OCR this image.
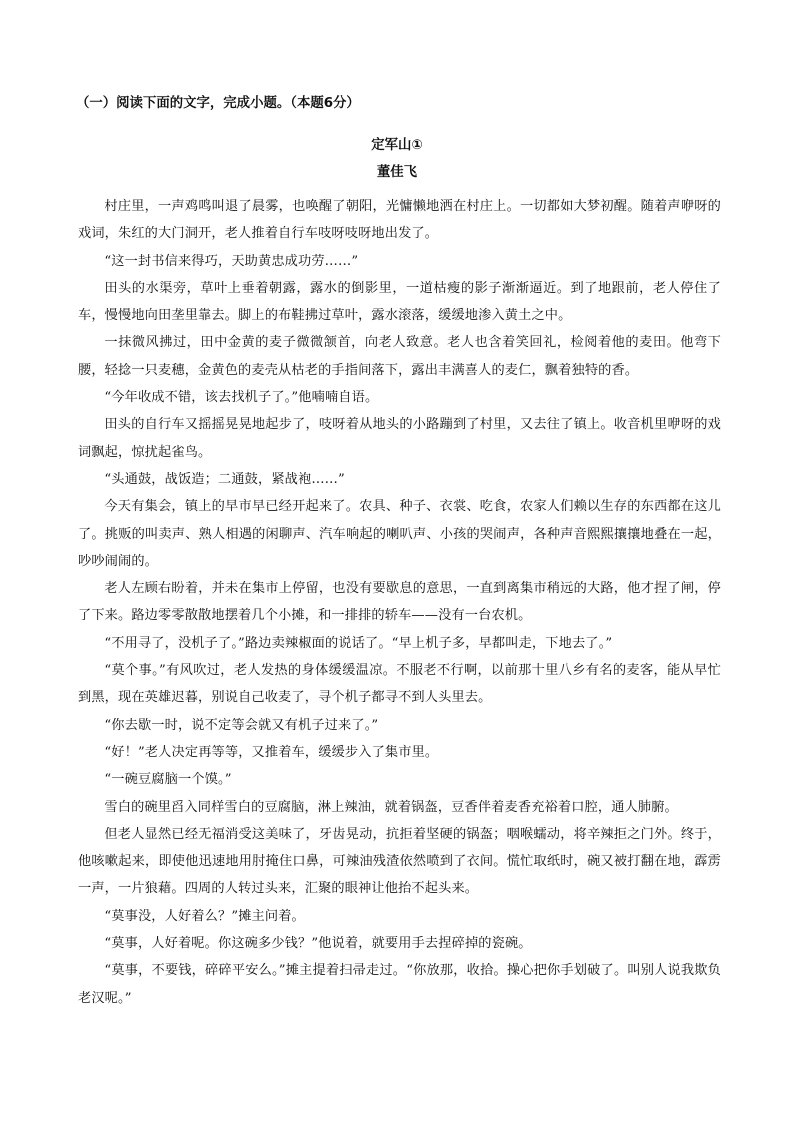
（一）阅读下面的文字，完成小题。（本题6分）
定军山①
董佳飞

村庄里，一声鸡鸣叫退了晨雾，也唤醒了朝阳，光慵懒地洒在村庄上。一切都如大梦初醒。随着声咿呀的戏词，朱红的大门洞开，老人推着自行车吱呀吱呀地出发了。

“这一封书信来得巧，天助黄忠成功劳……”

田头的水渠旁，草叶上垂着朝露，露水的倒影里，一道枯瘦的影子渐渐逼近。到了地跟前，老人停住了车，慢慢地向田垄里靠去。脚上的布鞋拂过草叶，露水滚落，缓缓地渗入黄土之中。

一抹微风拂过，田中金黄的麦子微微颔首，向老人致意。老人也含着笑回礼，检阅着他的麦田。他弯下腰，轻捻一只麦穗，金黄色的麦壳从枯老的手指间落下，露出丰满喜人的麦仁，飘着独特的香。

“今年收成不错，该去找机子了。”他喃喃自语。

田头的自行车又摇摇晃晃地起步了，吱呀着从地头的小路蹦到了村里，又去往了镇上。收音机里咿呀的戏词飘起，惊扰起雀鸟。

“头通鼓，战饭造；二通鼓，紧战袍……”

今天有集会，镇上的早市早已经开起来了。农具、种子、衣裳、吃食，农家人们赖以生存的东西都在这儿了。挑贩的叫卖声、熟人相遇的闲聊声、汽车响起的喇叭声、小孩的哭闹声，各种声音熙熙攘攘地叠在一起，吵吵闹闹的。

老人左顾右盼着，并未在集市上停留，也没有要歇息的意思，一直到离集市稍远的大路，他才捏了闸，停了下来。路边零零散散地摆着几个小摊，和一排排的轿车——没有一台农机。

“不用寻了，没机子了。”路边卖辣椒面的说话了。“早上机子多，早都叫走，下地去了。”

“莫个事。”有风吹过，老人发热的身体缓缓温凉。不服老不行啊，以前那十里八乡有名的麦客，能从早忙到黑，现在英雄迟暮，别说自己收麦了，寻个机子都寻不到人头里去。

“你去歇一时，说不定等会就又有机子过来了。”

“好！”老人决定再等等，又推着车，缓缓步入了集市里。

“一碗豆腐脑一个馍。”

雪白的碗里舀入同样雪白的豆腐脑，淋上辣油，就着锅盔，豆香伴着麦香充裕着口腔，通人肺腑。

但老人显然已经无福消受这美味了，牙齿晃动，抗拒着坚硬的锅盔；咽喉蠕动，将辛辣拒之门外。终于，他咳嗽起来，即使他迅速地用肘掩住口鼻，可辣油残渣依然喷到了衣间。慌忙取纸时，碗又被打翻在地，霹雳一声，一片狼藉。四周的人转过头来，汇聚的眼神让他抬不起头来。

“莫事没，人好着么？”摊主问着。

“莫事，人好着呢。你这碗多少钱？”他说着，就要用手去捏碎掉的瓷碗。

“莫事，不要钱，碎碎平安么。”摊主提着扫帚走过。“你放那，收拾。操心把你手划破了。叫别人说我欺负老汉呢。”
